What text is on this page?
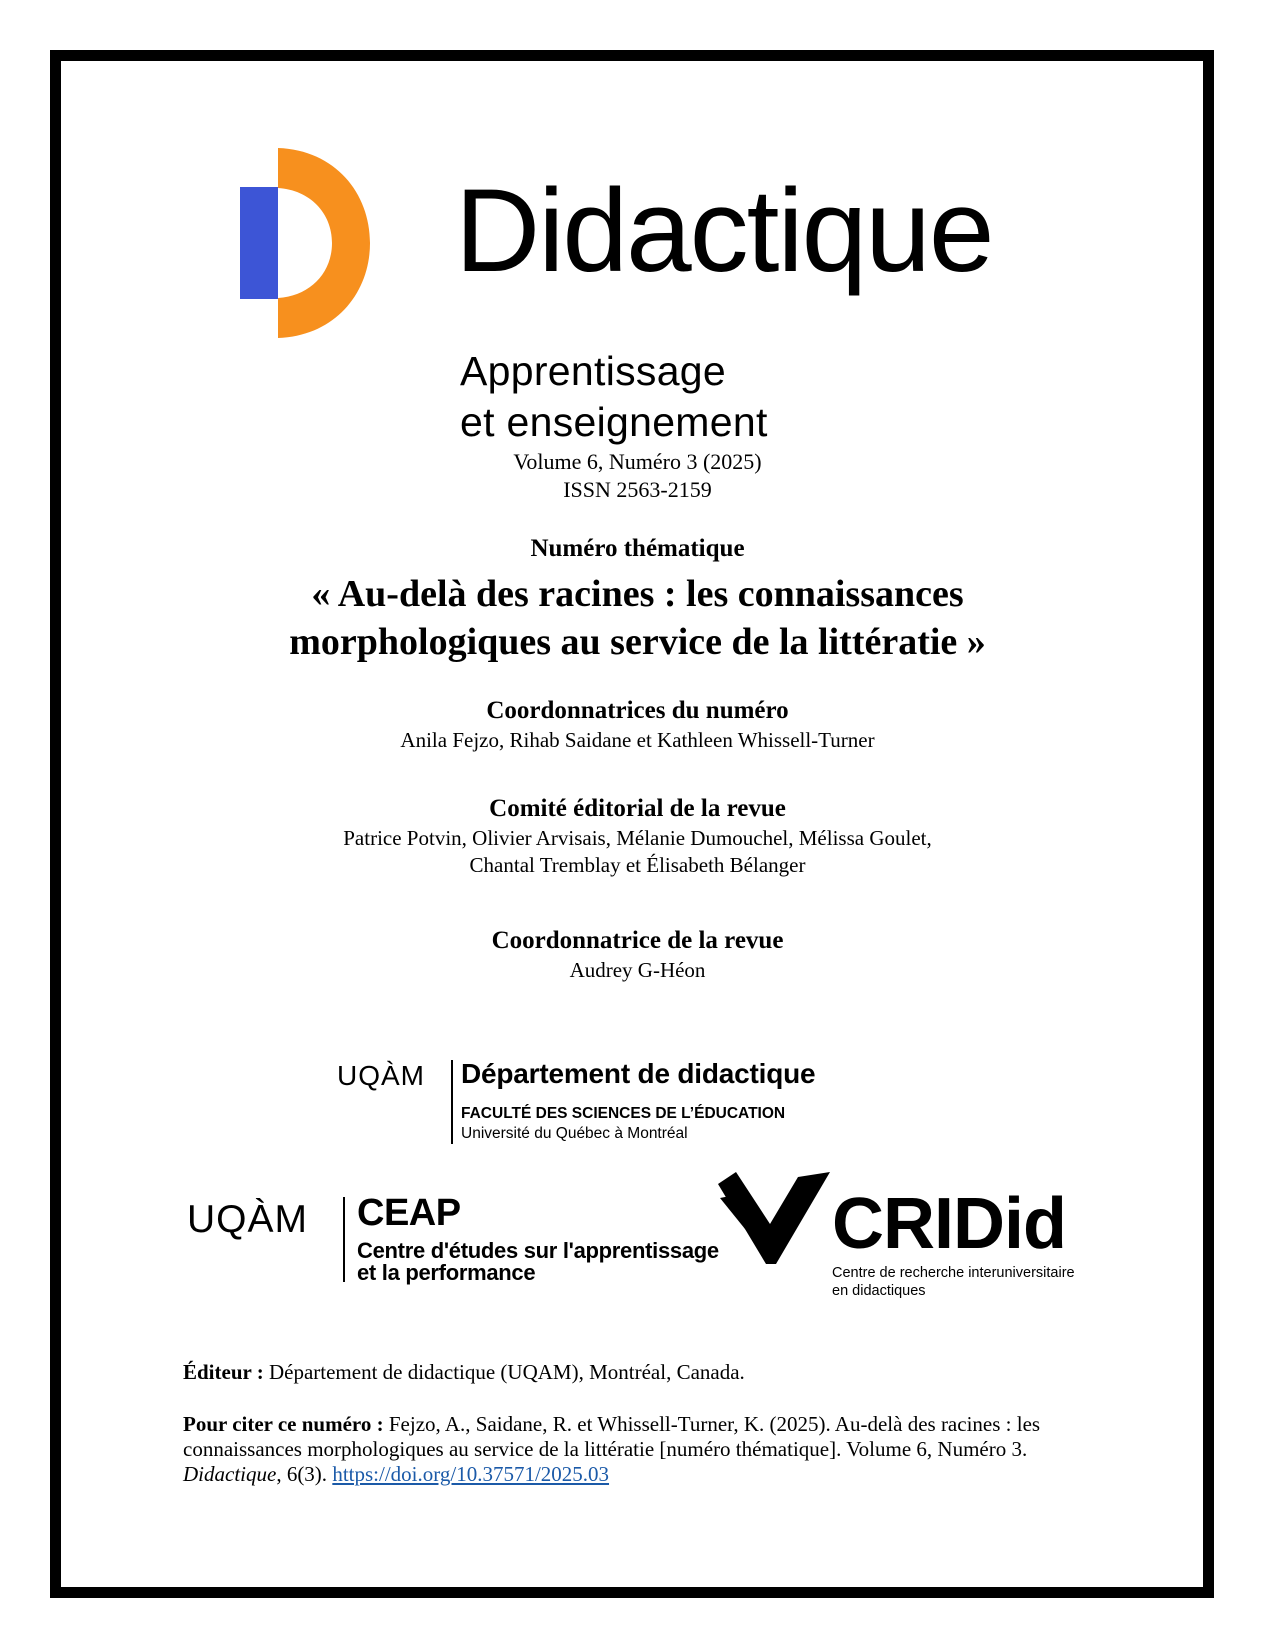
Didactique
Apprentissage
et enseignement
Volume 6, Numéro 3 (2025)
ISSN 2563-2159
Numéro thématique
« Au-delà des racines : les connaissances
morphologiques au service de la littératie »
Coordonnatrices du numéro
Anila Fejzo, Rihab Saidane et Kathleen Whissell-Turner
Comité éditorial de la revue
Patrice Potvin, Olivier Arvisais, Mélanie Dumouchel, Mélissa Goulet,
Chantal Tremblay et Élisabeth Bélanger
Coordonnatrice de la revue
Audrey G-Héon
UQÀM Département de didactique
FACULTÉ DES SCIENCES DE L’ÉDUCATION
Université du Québec à Montréal
UQÀM CEAP
Centre d'études sur l'apprentissage
et la performance
CRIDid
Centre de recherche interuniversitaire
en didactiques
Éditeur : Département de didactique (UQAM), Montréal, Canada.
Pour citer ce numéro : Fejzo, A., Saidane, R. et Whissell-Turner, K. (2025). Au-delà des racines : les connaissances morphologiques au service de la littératie [numéro thématique]. Volume 6, Numéro 3. Didactique, 6(3). https://doi.org/10.37571/2025.03
